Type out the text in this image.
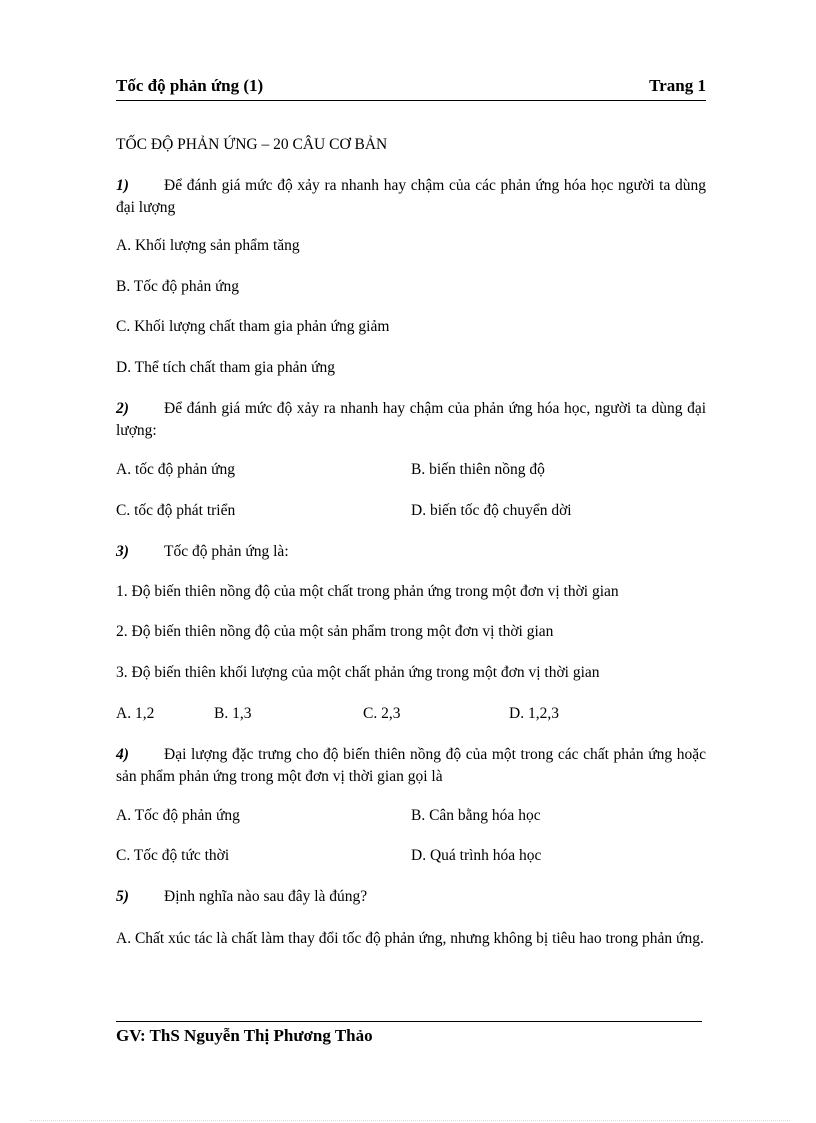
Tốc độ phản ứng (1)	Trang 1
TỐC ĐỘ PHẢN ỨNG – 20 CÂU CƠ BẢN
1) Để đánh giá mức độ xảy ra nhanh hay chậm của các phản ứng hóa học người ta dùng đại lượng
A. Khối lượng sản phẩm tăng
B. Tốc độ phản ứng
C. Khối lượng chất tham gia phản ứng giảm
D. Thể tích chất tham gia phản ứng
2) Để đánh giá mức độ xảy ra nhanh hay chậm của phản ứng hóa học, người ta dùng đại lượng:
A. tốc độ phản ứng	B. biến thiên nồng độ
C. tốc độ phát triển	D. biến tốc độ chuyển dời
3) Tốc độ phản ứng là:
1. Độ biến thiên nồng độ của một chất trong phản ứng trong một đơn vị thời gian
2. Độ biến thiên nồng độ của một sản phẩm trong một đơn vị thời gian
3. Độ biến thiên khối lượng của một chất phản ứng trong một đơn vị thời gian
A. 1,2	B. 1,3	C. 2,3	D. 1,2,3
4) Đại lượng đặc trưng cho độ biến thiên nồng độ của một trong các chất phản ứng hoặc sản phẩm phản ứng trong một đơn vị thời gian gọi là
A. Tốc độ phản ứng	B. Cân bằng hóa học
C. Tốc độ tức thời	D. Quá trình hóa học
5) Định nghĩa nào sau đây là đúng?
A. Chất xúc tác là chất làm thay đổi tốc độ phản ứng, nhưng không bị tiêu hao trong phản ứng.
GV: ThS Nguyễn Thị Phương Thảo
